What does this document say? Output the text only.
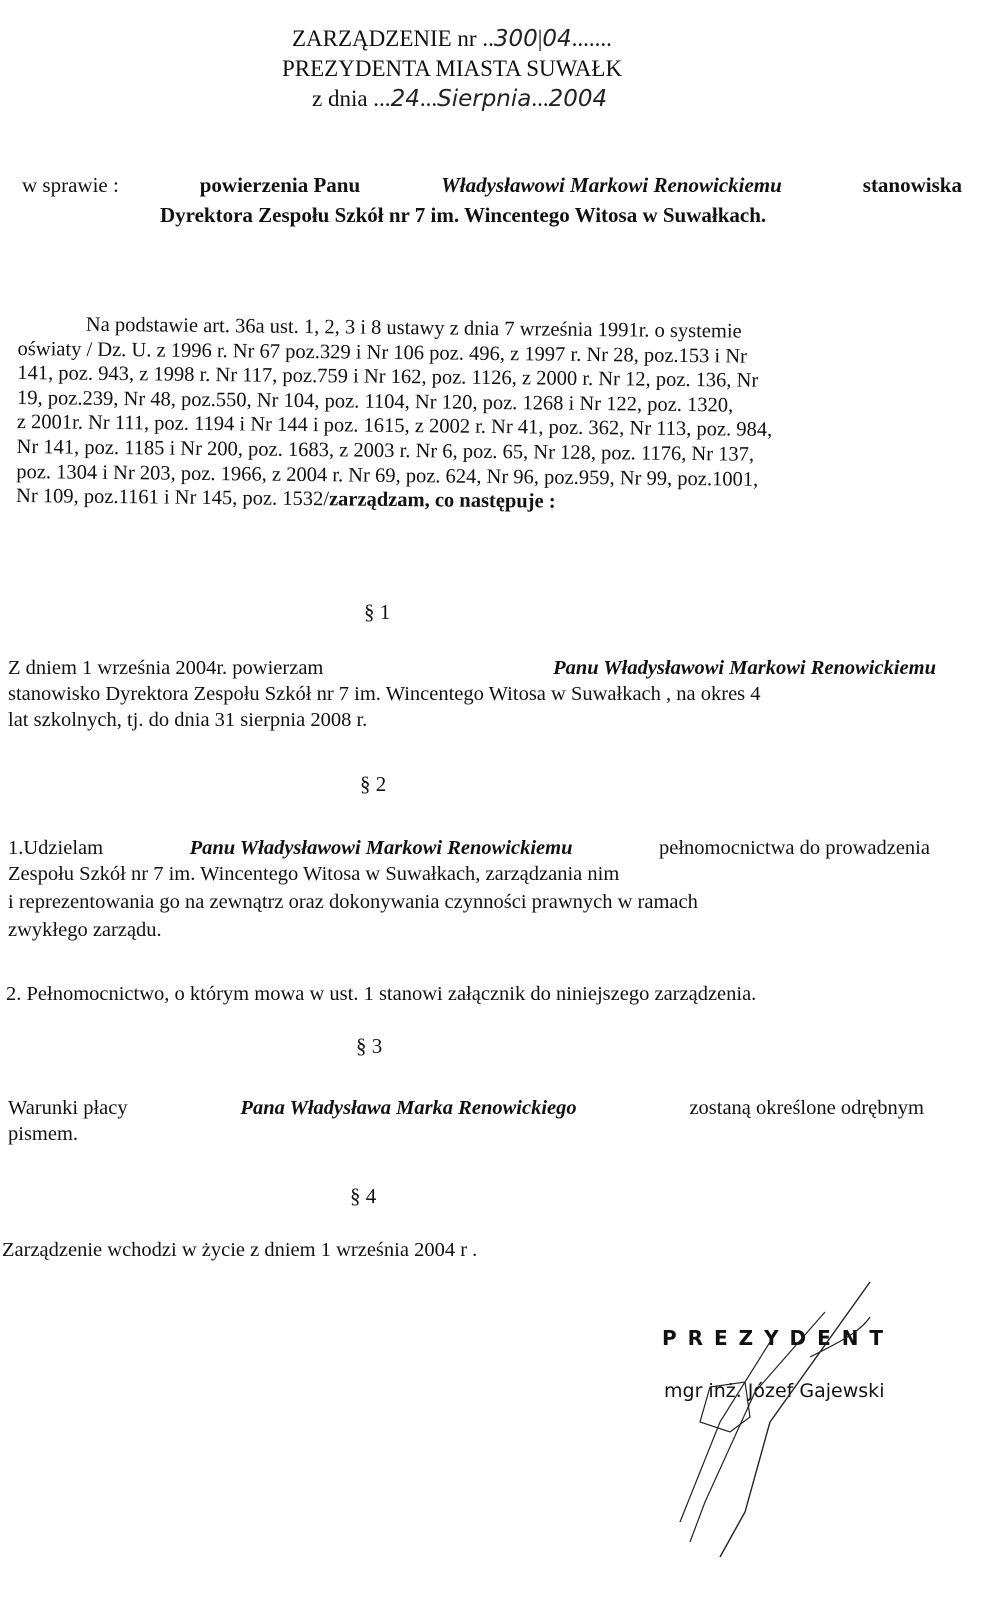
ZARZĄDZENIE nr ..300|04.......
PREZYDENTA MIASTA SUWAŁK
z dnia ...24...Sierpnia...2004
w sprawie :	powierzenia Panu	Władysławowi Markowi Renowickiemu	stanowiska
Dyrektora Zespołu Szkół nr 7 im. Wincentego Witosa w Suwałkach.
Na podstawie art. 36a ust. 1, 2, 3 i 8 ustawy z dnia 7 września 1991r. o systemie
oświaty / Dz. U. z 1996 r. Nr 67 poz.329 i Nr 106 poz. 496, z 1997 r. Nr 28, poz.153 i Nr
141, poz. 943, z 1998 r. Nr 117, poz.759 i Nr 162, poz. 1126, z 2000 r. Nr 12, poz. 136, Nr
19, poz.239, Nr 48, poz.550, Nr 104, poz. 1104, Nr 120, poz. 1268 i Nr 122, poz. 1320,
z 2001r. Nr 111, poz. 1194 i Nr 144 i poz. 1615, z 2002 r. Nr 41, poz. 362, Nr 113, poz. 984,
Nr 141, poz. 1185 i Nr 200, poz. 1683, z 2003 r. Nr 6, poz. 65, Nr 128, poz. 1176, Nr 137,
poz. 1304 i Nr 203, poz. 1966, z 2004 r. Nr 69, poz. 624, Nr 96, poz.959, Nr 99, poz.1001,
Nr 109, poz.1161 i Nr 145, poz. 1532/zarządzam, co następuje :
§ 1
Z dniem 1 września 2004r. powierzam	Panu Władysławowi Markowi Renowickiemu
stanowisko Dyrektora Zespołu Szkół nr 7 im. Wincentego Witosa w Suwałkach , na okres 4
lat szkolnych, tj. do dnia 31 sierpnia 2008 r.
§ 2
1.Udzielam	Panu Władysławowi Markowi Renowickiemu	pełnomocnictwa do prowadzenia
Zespołu Szkół nr 7 im. Wincentego Witosa w Suwałkach, zarządzania nim
i reprezentowania go na zewnątrz oraz dokonywania czynności prawnych w ramach
zwykłego zarządu.
2. Pełnomocnictwo, o którym mowa w ust. 1 stanowi załącznik do niniejszego zarządzenia.
§ 3
Warunki płacy	Pana Władysława Marka Renowickiego	zostaną określone odrębnym
pismem.
§ 4
Zarządzenie wchodzi w życie z dniem 1 września 2004 r .
P R E Z Y D E N T
mgr inż. Józef Gajewski
